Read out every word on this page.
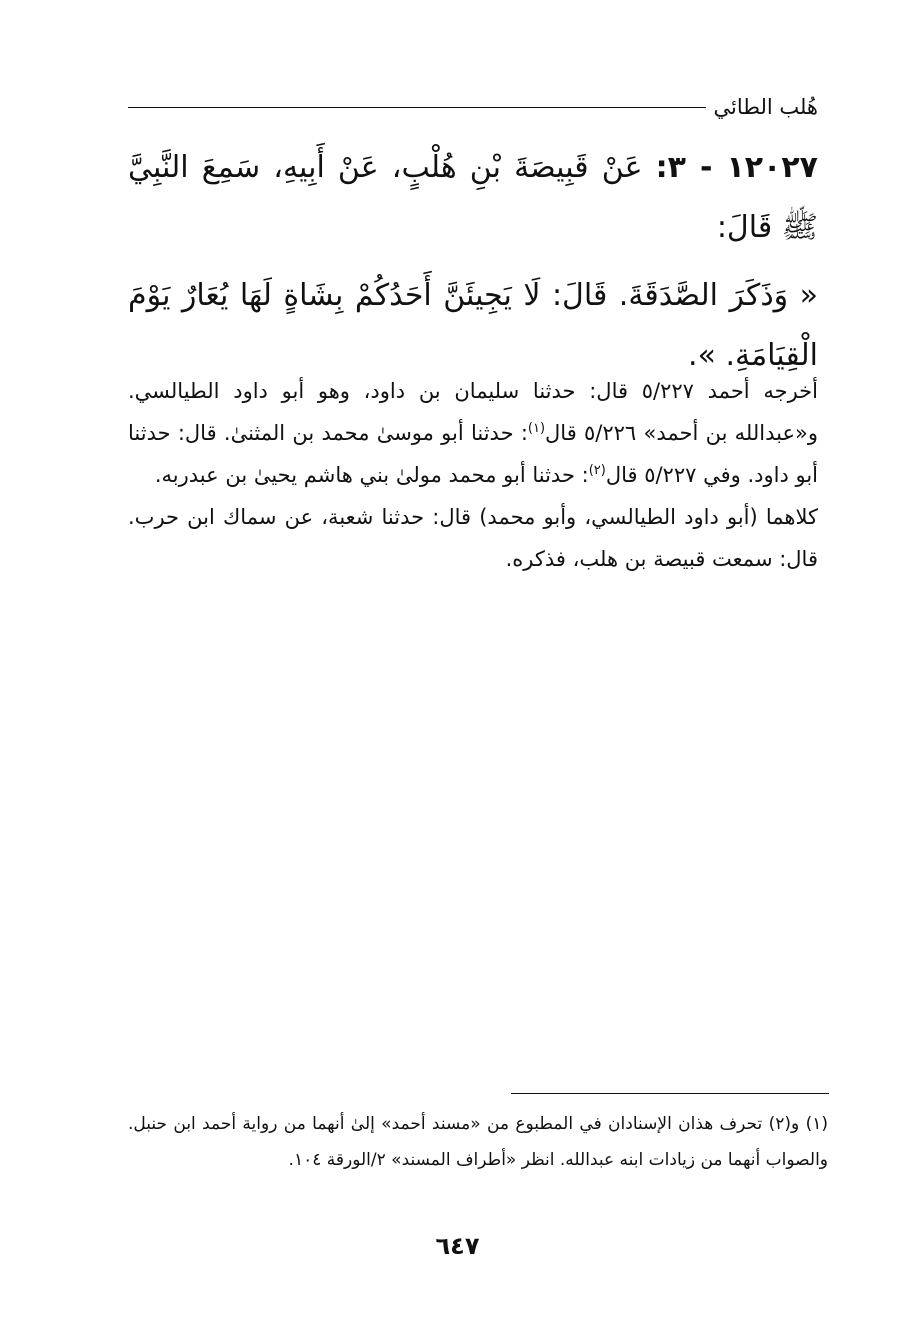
هُلب الطائي

١٢٠٢٧ - ٣: عَنْ قَبِيصَةَ بْنِ هُلْبٍ، عَنْ أَبِيهِ، سَمِعَ النَّبِيَّ ﷺ قَالَ:

« وَذَكَرَ الصَّدَقَةَ. قَالَ: لَا يَجِيئَنَّ أَحَدُكُمْ بِشَاةٍ لَهَا يُعَارٌ يَوْمَ الْقِيَامَةِ. ».

أخرجه أحمد ٥/٢٢٧ قال: حدثنا سليمان بن داود، وهو أبو داود الطيالسي. و«عبدالله بن أحمد» ٥/٢٢٦ قال$^{(١)}$: حدثنا أبو موسىٰ محمد بن المثنىٰ. قال: حدثنا أبو داود. وفي ٥/٢٢٧ قال$^{(٢)}$: حدثنا أبو محمد مولىٰ بني هاشم يحيىٰ بن عبدربه.

كلاهما (أبو داود الطيالسي، وأبو محمد) قال: حدثنا شعبة، عن سماك ابن حرب. قال: سمعت قبيصة بن هلب، فذكره.

(١) و(٢) تحرف هذان الإسنادان في المطبوع من «مسند أحمد» إلىٰ أنهما من رواية أحمد ابن حنبل. والصواب أنهما من زيادات ابنه عبدالله. انظر «أطراف المسند» ٢/الورقة ١٠٤.

٦٤٧
